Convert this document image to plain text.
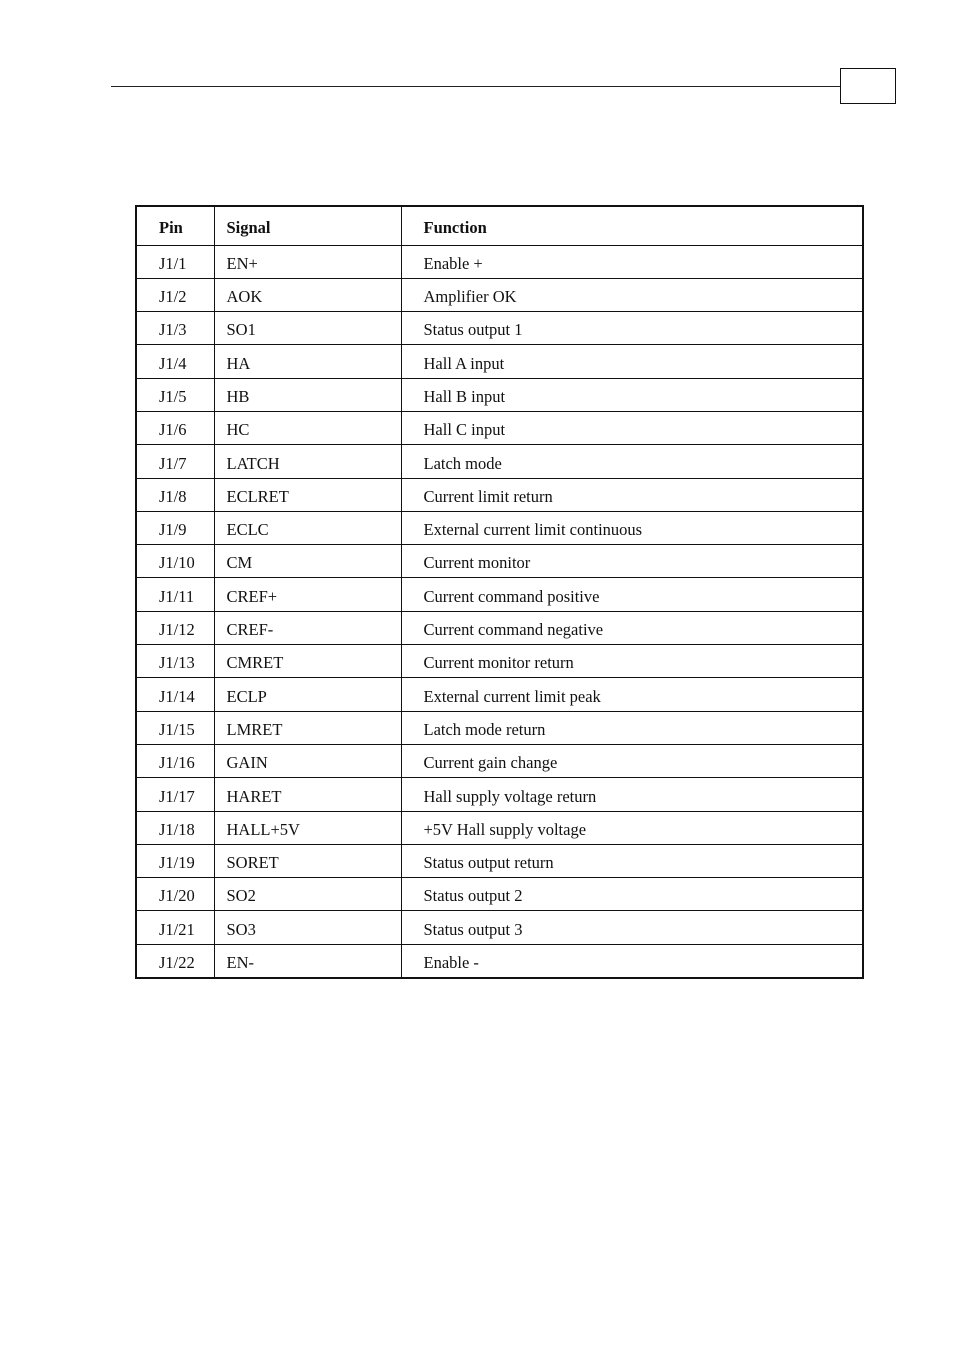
Pin	Signal	Function
J1/1	EN+	Enable +
J1/2	AOK	Amplifier OK
J1/3	SO1	Status output 1
J1/4	HA	Hall A input
J1/5	HB	Hall B input
J1/6	HC	Hall C input
J1/7	LATCH	Latch mode
J1/8	ECLRET	Current limit return
J1/9	ECLC	External current limit continuous
J1/10	CM	Current monitor
J1/11	CREF+	Current command positive
J1/12	CREF-	Current command negative
J1/13	CMRET	Current monitor return
J1/14	ECLP	External current limit peak
J1/15	LMRET	Latch mode return
J1/16	GAIN	Current gain change
J1/17	HARET	Hall supply voltage return
J1/18	HALL+5V	+5V Hall supply voltage
J1/19	SORET	Status output return
J1/20	SO2	Status output 2
J1/21	SO3	Status output 3
J1/22	EN-	Enable -
